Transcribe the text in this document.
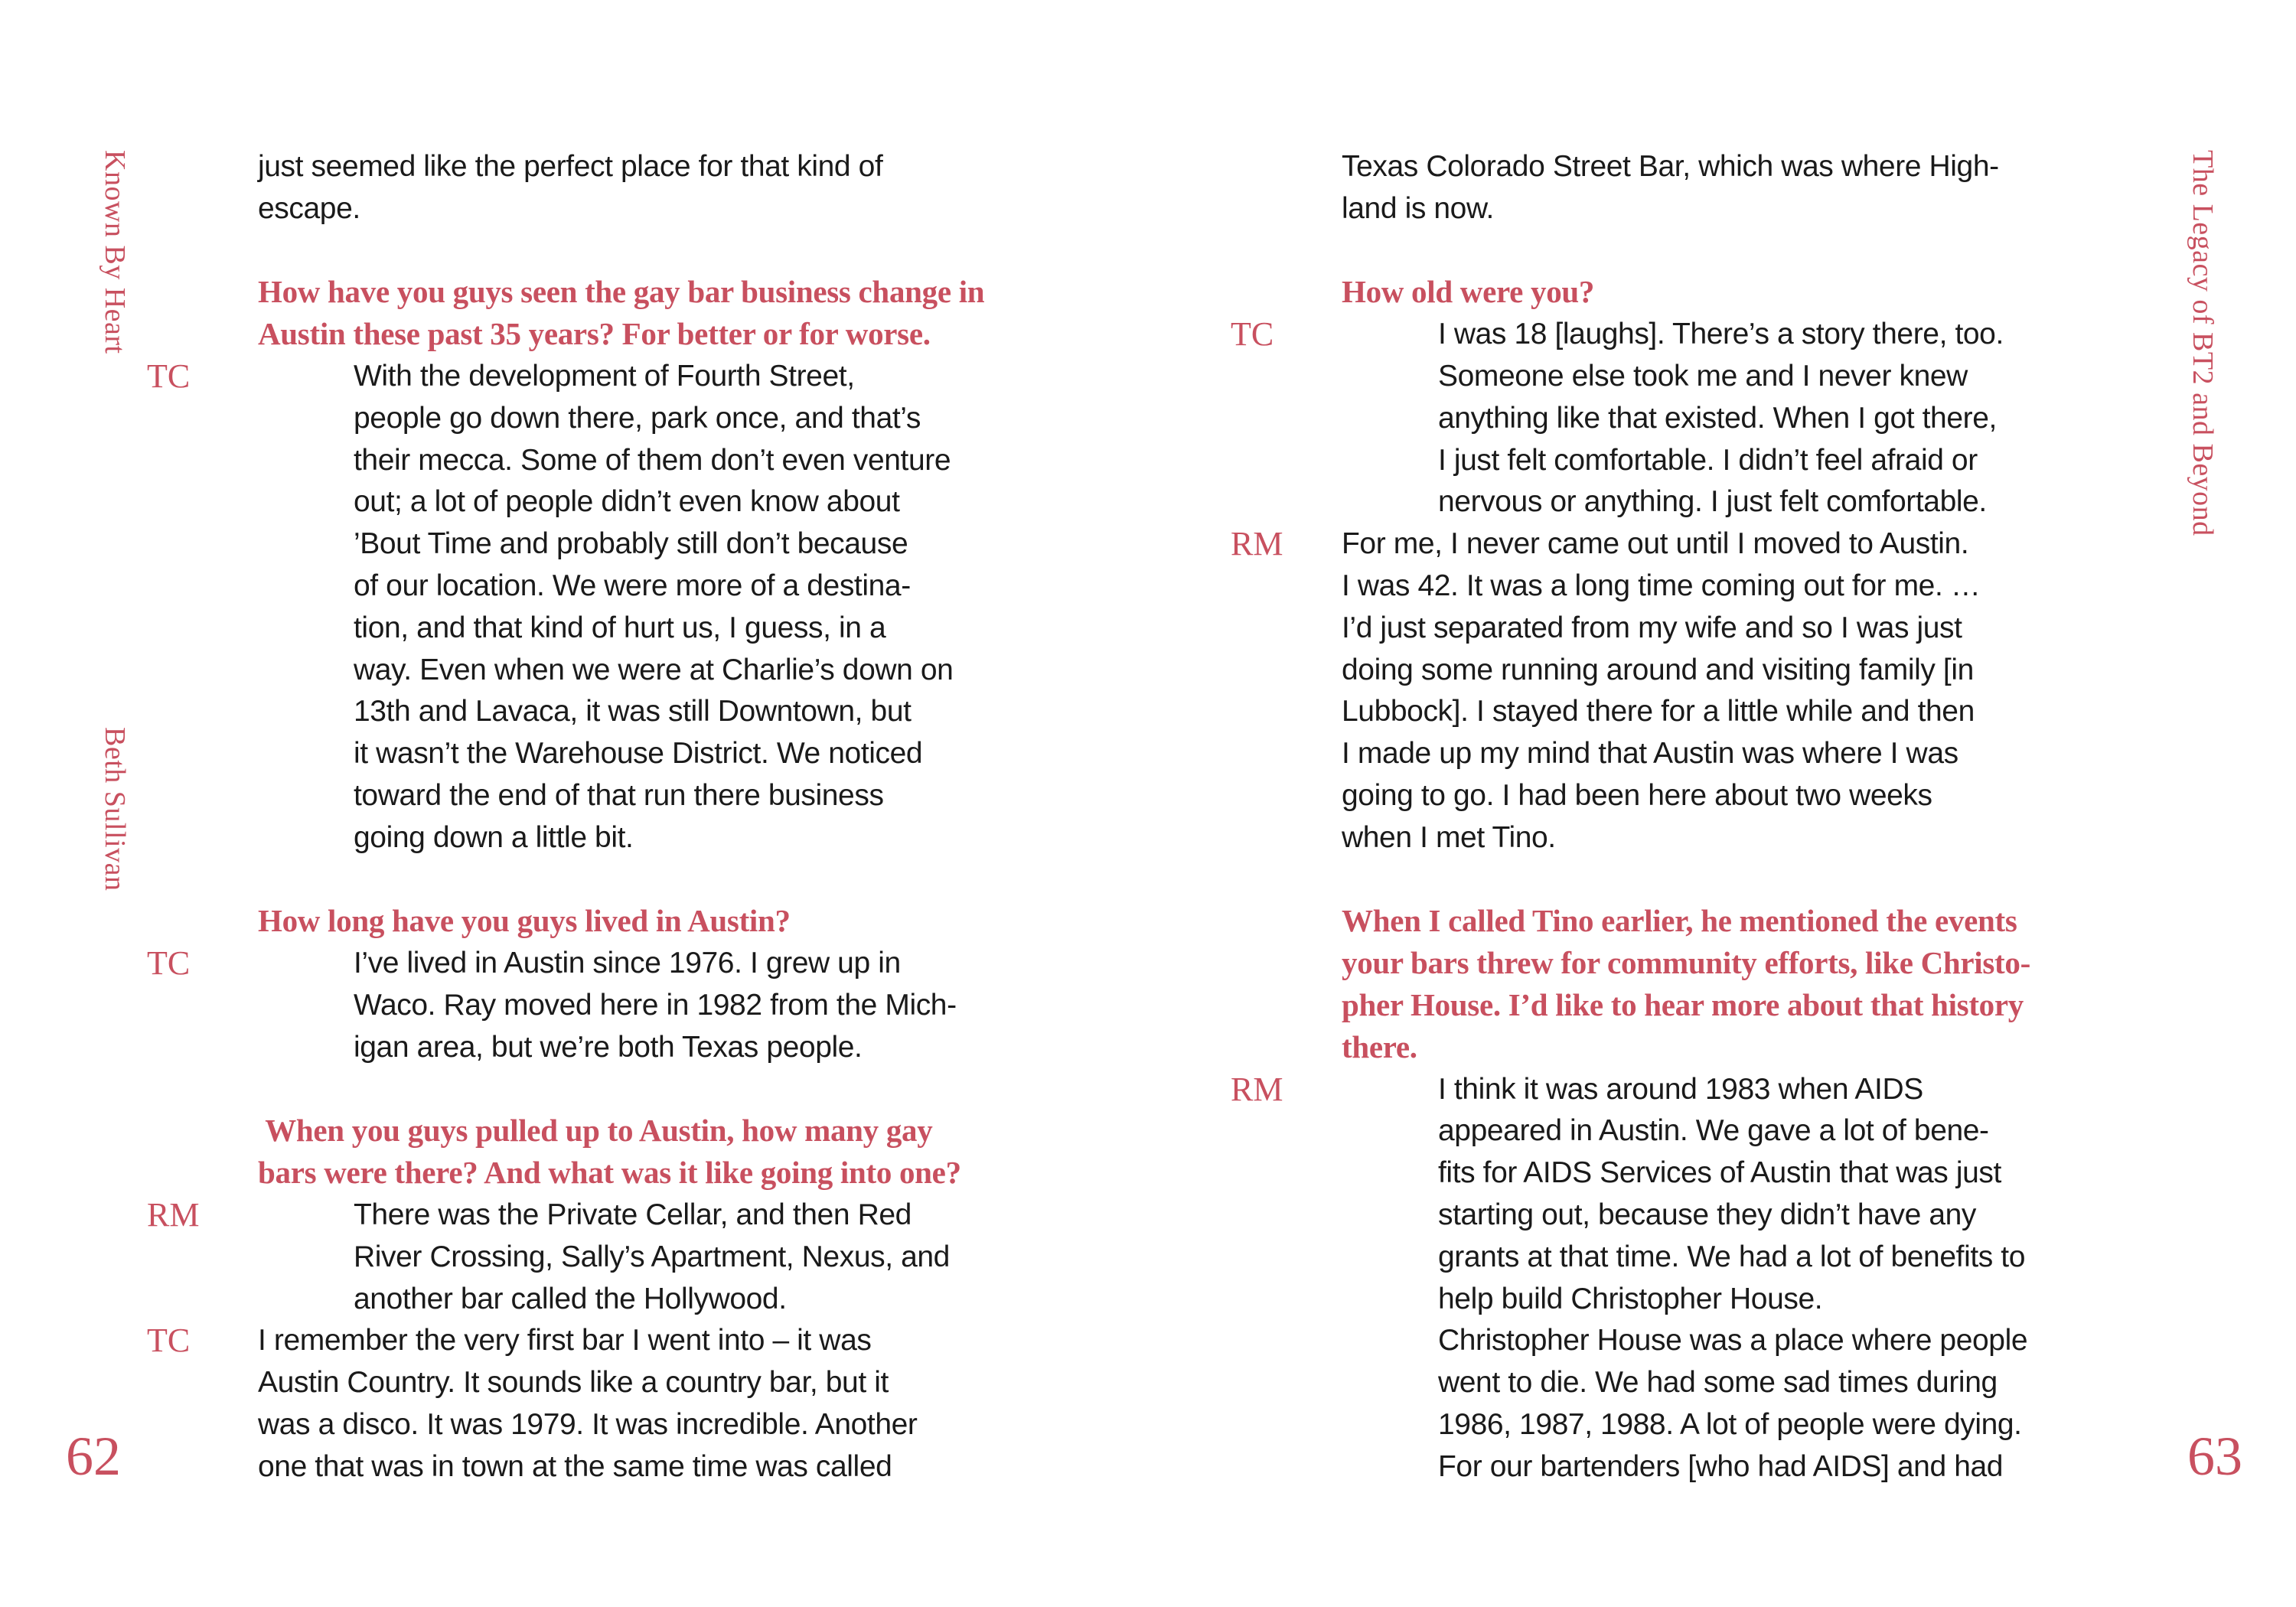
Known By Heart
Beth Sullivan
62
just seemed like the perfect place for that kind of
escape.
How have you guys seen the gay bar business change in
Austin these past 35 years? For better or for worse.
TC	With the development of Fourth Street,
people go down there, park once, and that’s
their mecca. Some of them don’t even venture
out; a lot of people didn’t even know about
’Bout Time and probably still don’t because
of our location. We were more of a destina-
tion, and that kind of hurt us, I guess, in a
way. Even when we were at Charlie’s down on
13th and Lavaca, it was still Downtown, but
it wasn’t the Warehouse District. We noticed
toward the end of that run there business
going down a little bit.
How long have you guys lived in Austin?
TC	I’ve lived in Austin since 1976. I grew up in
Waco. Ray moved here in 1982 from the Mich-
igan area, but we’re both Texas people.
When you guys pulled up to Austin, how many gay
bars were there? And what was it like going into one?
RM	There was the Private Cellar, and then Red
River Crossing, Sally’s Apartment, Nexus, and
another bar called the Hollywood.
TC I remember the very first bar I went into – it was
Austin Country. It sounds like a country bar, but it
was a disco. It was 1979. It was incredible. Another
one that was in town at the same time was called
The Legacy of BT2 and Beyond
63
Texas Colorado Street Bar, which was where High-
land is now.
How old were you?
TC	I was 18 [laughs]. There’s a story there, too.
Someone else took me and I never knew
anything like that existed. When I got there,
I just felt comfortable. I didn’t feel afraid or
nervous or anything. I just felt comfortable.
RM For me, I never came out until I moved to Austin.
I was 42. It was a long time coming out for me. …
I’d just separated from my wife and so I was just
doing some running around and visiting family [in
Lubbock]. I stayed there for a little while and then
I made up my mind that Austin was where I was
going to go. I had been here about two weeks
when I met Tino.
When I called Tino earlier, he mentioned the events
your bars threw for community efforts, like Christo-
pher House. I’d like to hear more about that history
there.
RM	I think it was around 1983 when AIDS
appeared in Austin. We gave a lot of bene-
fits for AIDS Services of Austin that was just
starting out, because they didn’t have any
grants at that time. We had a lot of benefits to
help build Christopher House.
Christopher House was a place where people
went to die. We had some sad times during
1986, 1987, 1988. A lot of people were dying.
For our bartenders [who had AIDS] and had
